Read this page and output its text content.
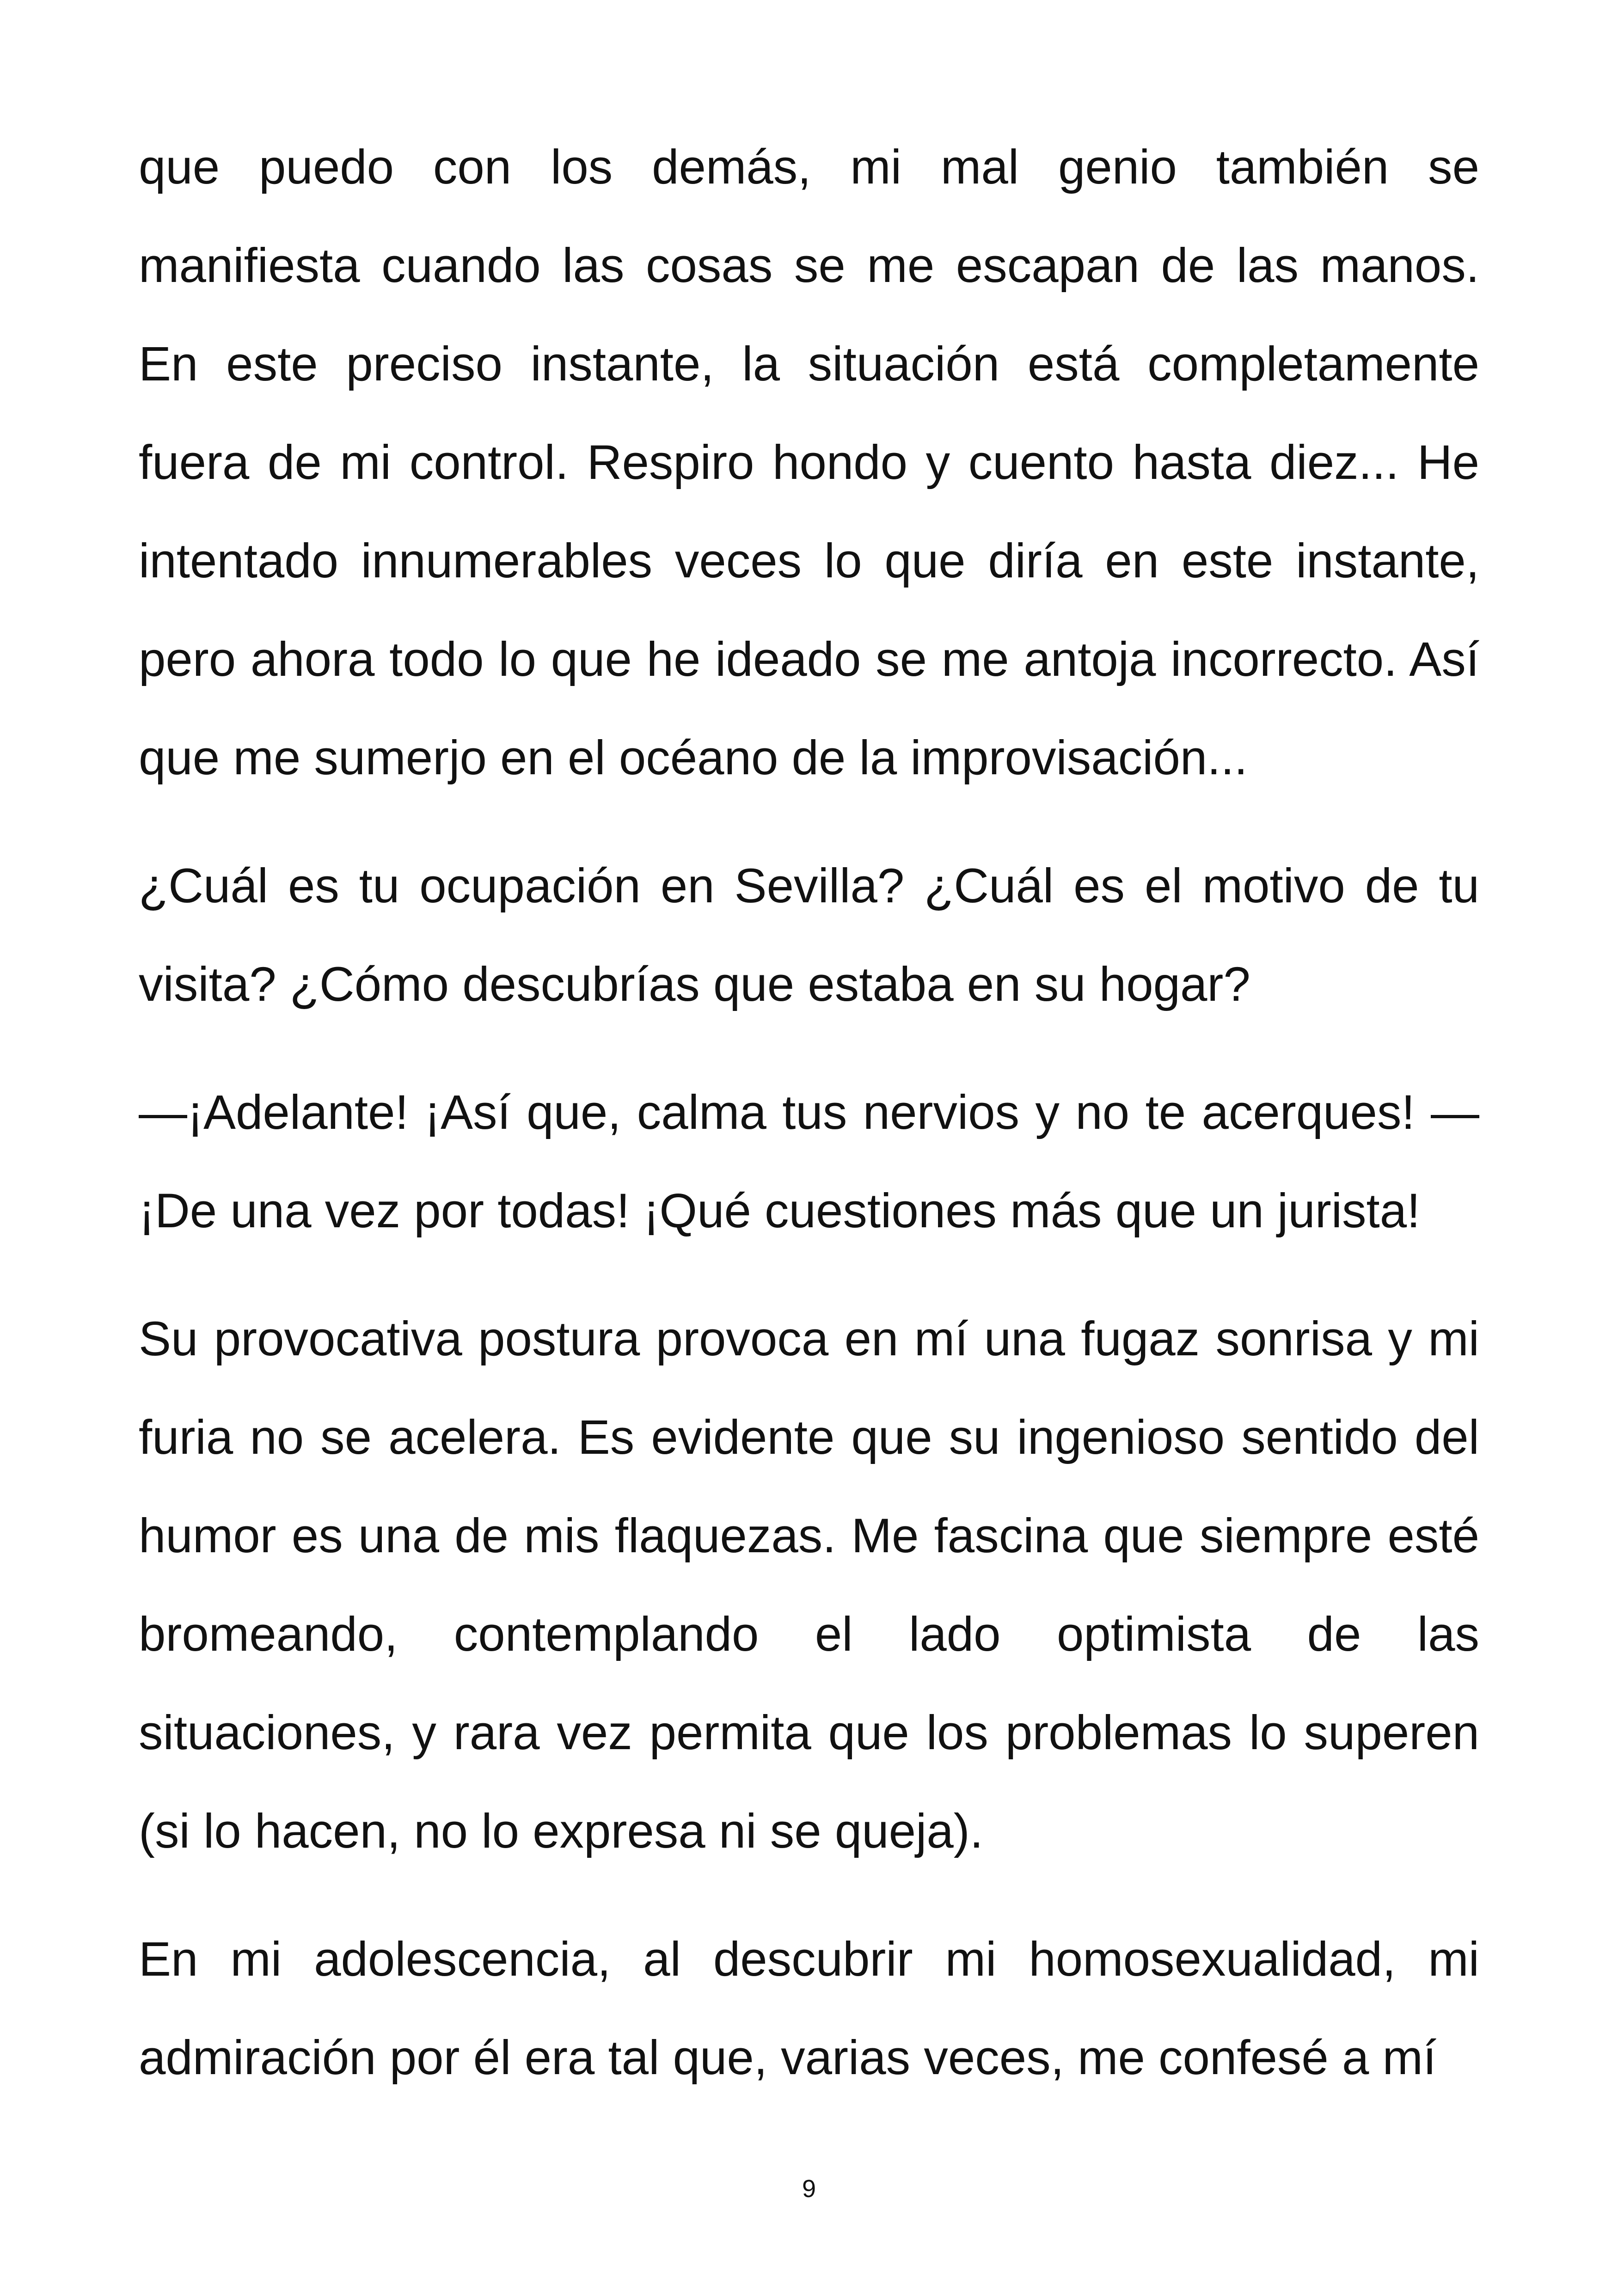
que puedo con los demás, mi mal genio también se manifiesta cuando las cosas se me escapan de las manos. En este preciso instante, la situación está completamente fuera de mi control. Respiro hondo y cuento hasta diez... He intentado innumerables veces lo que diría en este instante, pero ahora todo lo que he ideado se me antoja incorrecto. Así que me sumerjo en el océano de la improvisación...

¿Cuál es tu ocupación en Sevilla? ¿Cuál es el motivo de tu visita? ¿Cómo descubrías que estaba en su hogar?

—¡Adelante! ¡Así que, calma tus nervios y no te acerques! —¡De una vez por todas! ¡Qué cuestiones más que un jurista!

Su provocativa postura provoca en mí una fugaz sonrisa y mi furia no se acelera. Es evidente que su ingenioso sentido del humor es una de mis flaquezas. Me fascina que siempre esté bromeando, contemplando el lado optimista de las situaciones, y rara vez permita que los problemas lo superen (si lo hacen, no lo expresa ni se queja).

En mi adolescencia, al descubrir mi homosexualidad, mi admiración por él era tal que, varias veces, me confesé a mí

9
